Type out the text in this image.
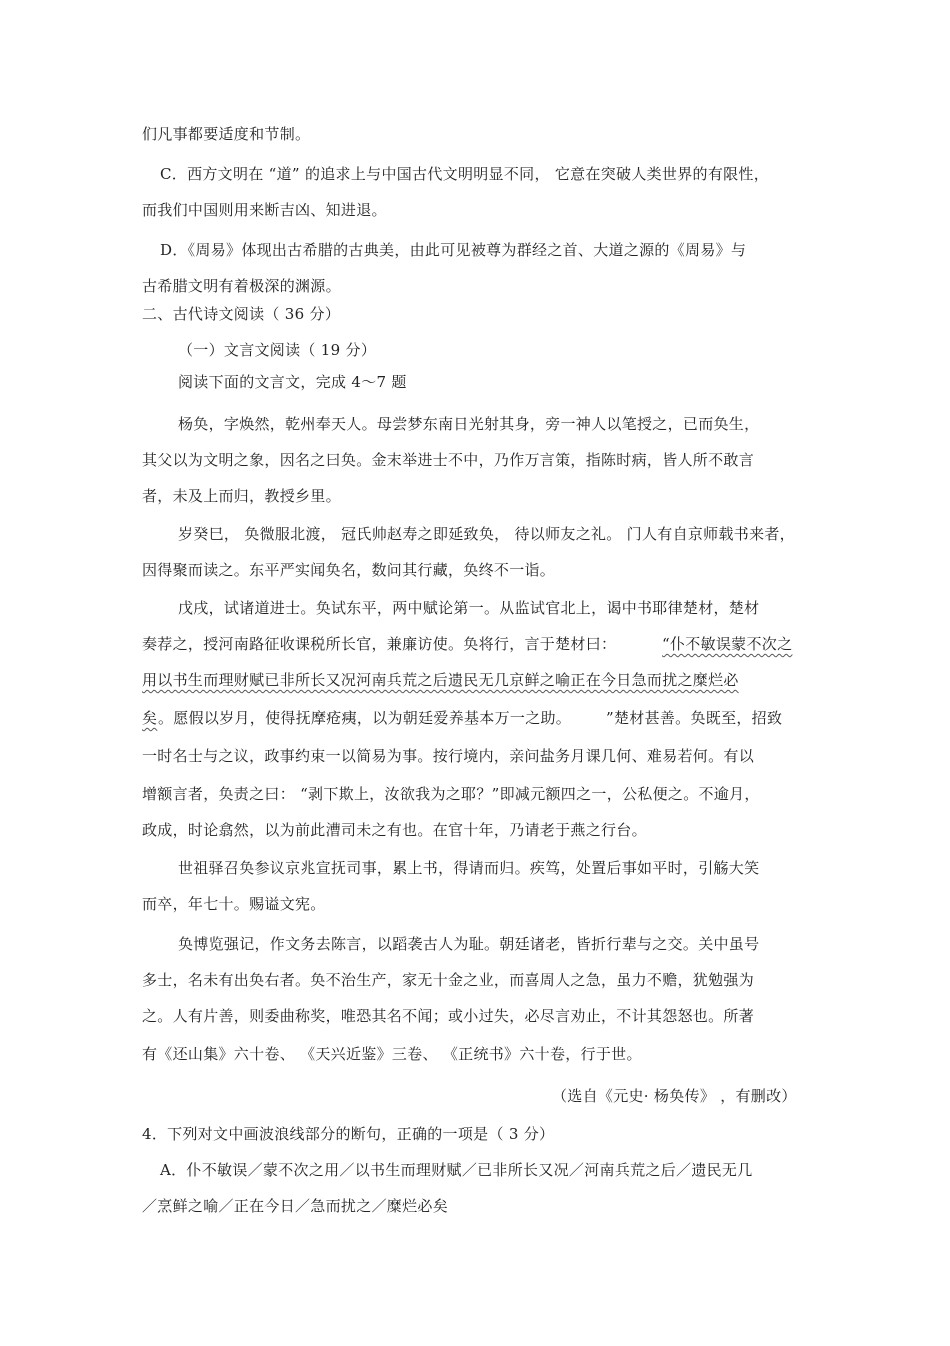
们凡事都要适度和节制。
C．西方文明在 “道” 的追求上与中国古代文明明显不同， 它意在突破人类世界的有限性，
而我们中国则用来断吉凶、知进退。
D．《周易》体现出古希腊的古典美，由此可见被尊为群经之首、大道之源的《周易》与
古希腊文明有着极深的渊源。
二、古代诗文阅读（ 36 分）
（一）文言文阅读（ 19 分）
阅读下面的文言文，完成 4～7 题
杨奂，字焕然，乾州奉天人。母尝梦东南日光射其身，旁一神人以笔授之，已而奂生，
其父以为文明之象，因名之曰奂。金末举进士不中，乃作万言策，指陈时病，皆人所不敢言
者，未及上而归，教授乡里。
岁癸巳， 奂微服北渡， 冠氏帅赵寿之即延致奂， 待以师友之礼。 门人有自京师载书来者，
因得聚而读之。东平严实闻奂名，数问其行藏，奂终不一诣。
戊戌，试诸道进士。奂试东平，两中赋论第一。从监试官北上，谒中书耶律楚材，楚材
奏荐之，授河南路征收课税所长官，兼廉访使。奂将行，言于楚材曰：	“仆不敏误蒙不次之
用以书生而理财赋已非所长又况河南兵荒之后遗民无几京鲜之喻正在今日急而扰之糜烂必
矣 。愿假以岁月，使得抚摩疮痍，以为朝廷爱养基本万一之助。 ”楚材甚善。奂既至，招致
一时名士与之议，政事约束一以简易为事。按行境内，亲问盐务月课几何、难易若何。有以
增额言者，奂责之曰： “剥下欺上，汝欲我为之耶？”即减元额四之一，公私便之。不逾月，
政成，时论翕然，以为前此漕司未之有也。在官十年，乃请老于燕之行台。
世祖驿召奂参议京兆宣抚司事，累上书，得请而归。疾笃，处置后事如平时，引觞大笑
而卒，年七十。赐谥文宪。
奂博览强记，作文务去陈言，以蹈袭古人为耻。朝廷诸老，皆折行辈与之交。关中虽号
多士，名未有出奂右者。奂不治生产，家无十金之业，而喜周人之急，虽力不赡，犹勉强为
之。人有片善，则委曲称奖，唯恐其名不闻；或小过失，必尽言劝止，不计其怨怒也。所著
有《还山集》六十卷、 《天兴近鉴》三卷、 《正统书》六十卷，行于世。
（选自《元史· 杨奂传》 ，有删改）
4．下列对文中画波浪线部分的断句，正确的一项是（ 3 分）
A．仆不敏误／蒙不次之用／以书生而理财赋／已非所长又况／河南兵荒之后／遗民无几
／烹鲜之喻／正在今日／急而扰之／糜烂必矣
